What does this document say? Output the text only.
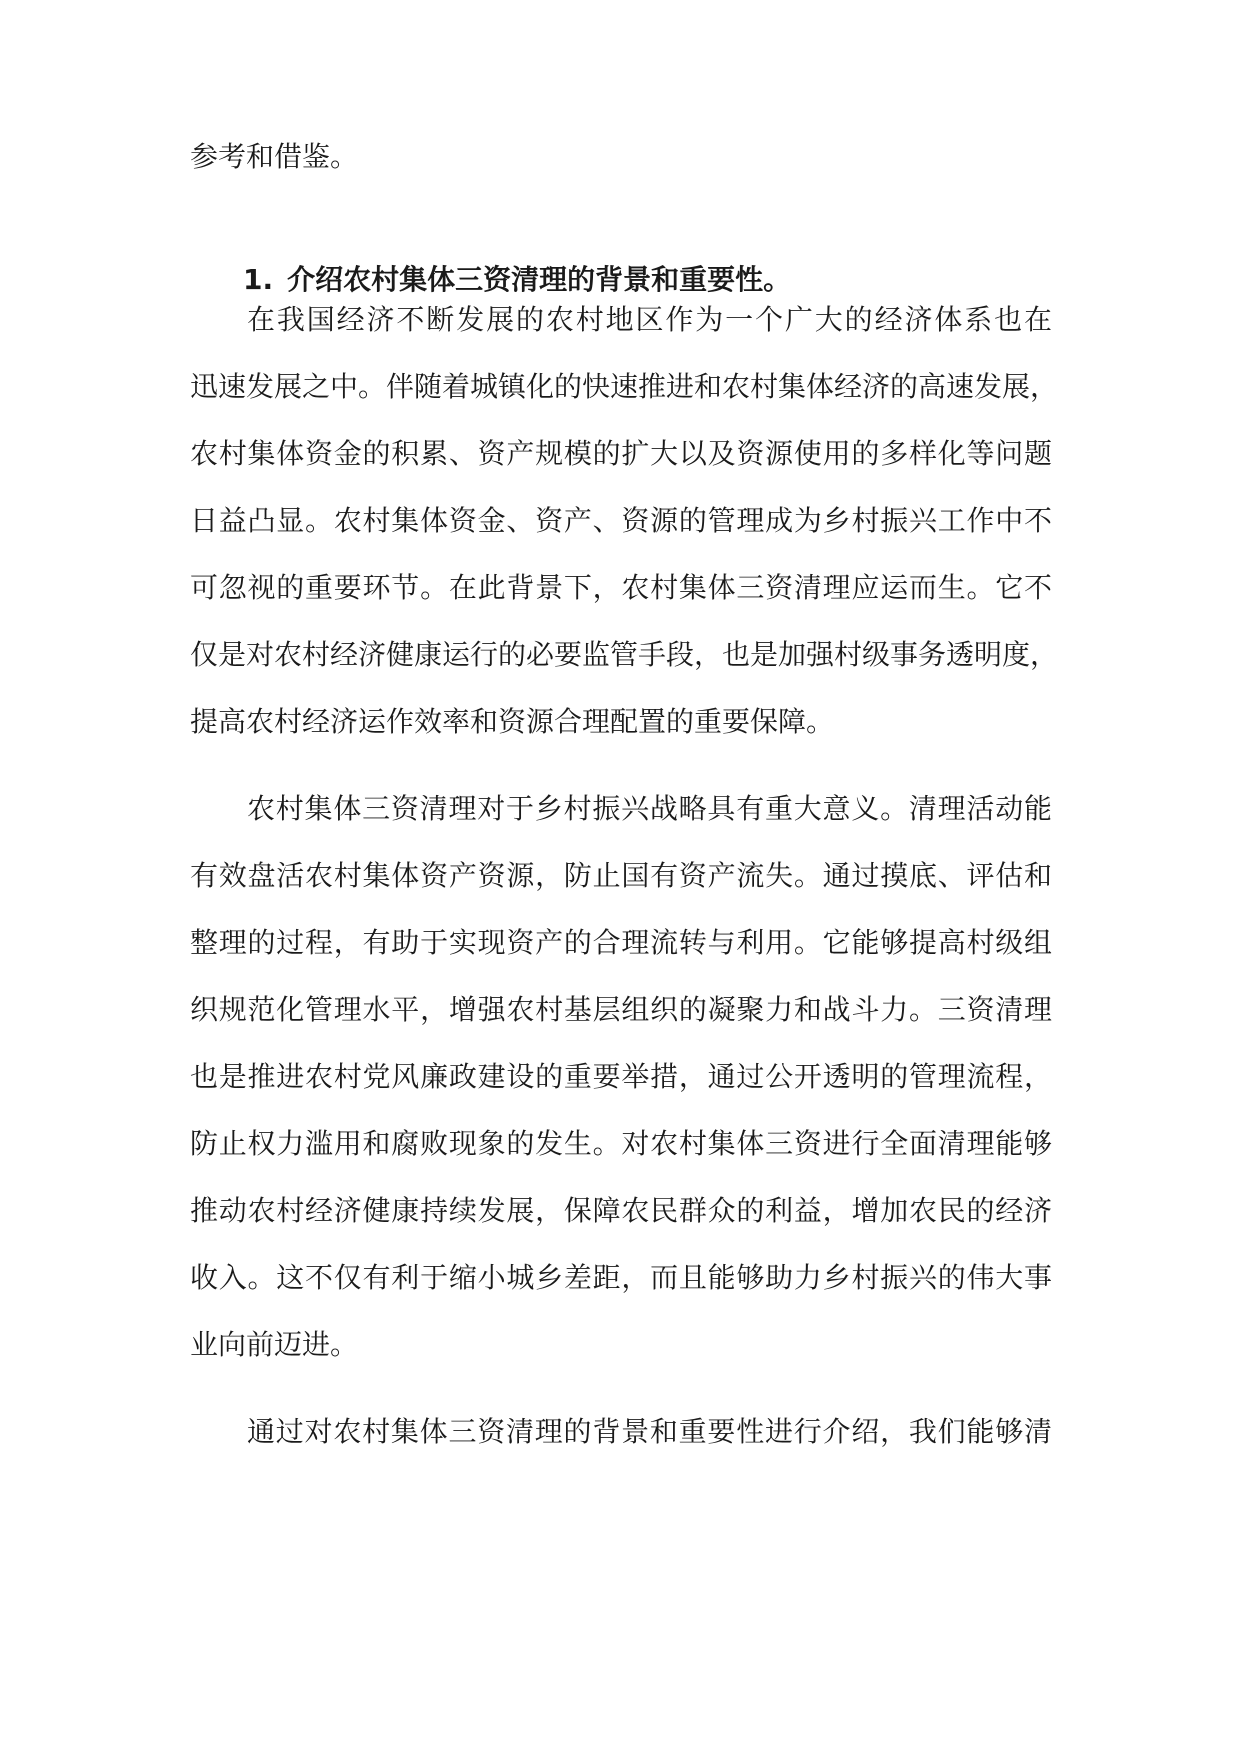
参考和借鉴。
1. 介绍农村集体三资清理的背景和重要性。
在我国经济不断发展的农村地区作为一个广大的经济体系也在
迅速发展之中。伴随着城镇化的快速推进和农村集体经济的高速发展，
农村集体资金的积累、资产规模的扩大以及资源使用的多样化等问题
日益凸显。农村集体资金、资产、资源的管理成为乡村振兴工作中不
可忽视的重要环节。在此背景下，农村集体三资清理应运而生。它不
仅是对农村经济健康运行的必要监管手段，也是加强村级事务透明度，
提高农村经济运作效率和资源合理配置的重要保障。
农村集体三资清理对于乡村振兴战略具有重大意义。清理活动能
有效盘活农村集体资产资源，防止国有资产流失。通过摸底、评估和
整理的过程，有助于实现资产的合理流转与利用。它能够提高村级组
织规范化管理水平，增强农村基层组织的凝聚力和战斗力。三资清理
也是推进农村党风廉政建设的重要举措，通过公开透明的管理流程，
防止权力滥用和腐败现象的发生。对农村集体三资进行全面清理能够
推动农村经济健康持续发展，保障农民群众的利益，增加农民的经济
收入。这不仅有利于缩小城乡差距，而且能够助力乡村振兴的伟大事
业向前迈进。
通过对农村集体三资清理的背景和重要性进行介绍，我们能够清
